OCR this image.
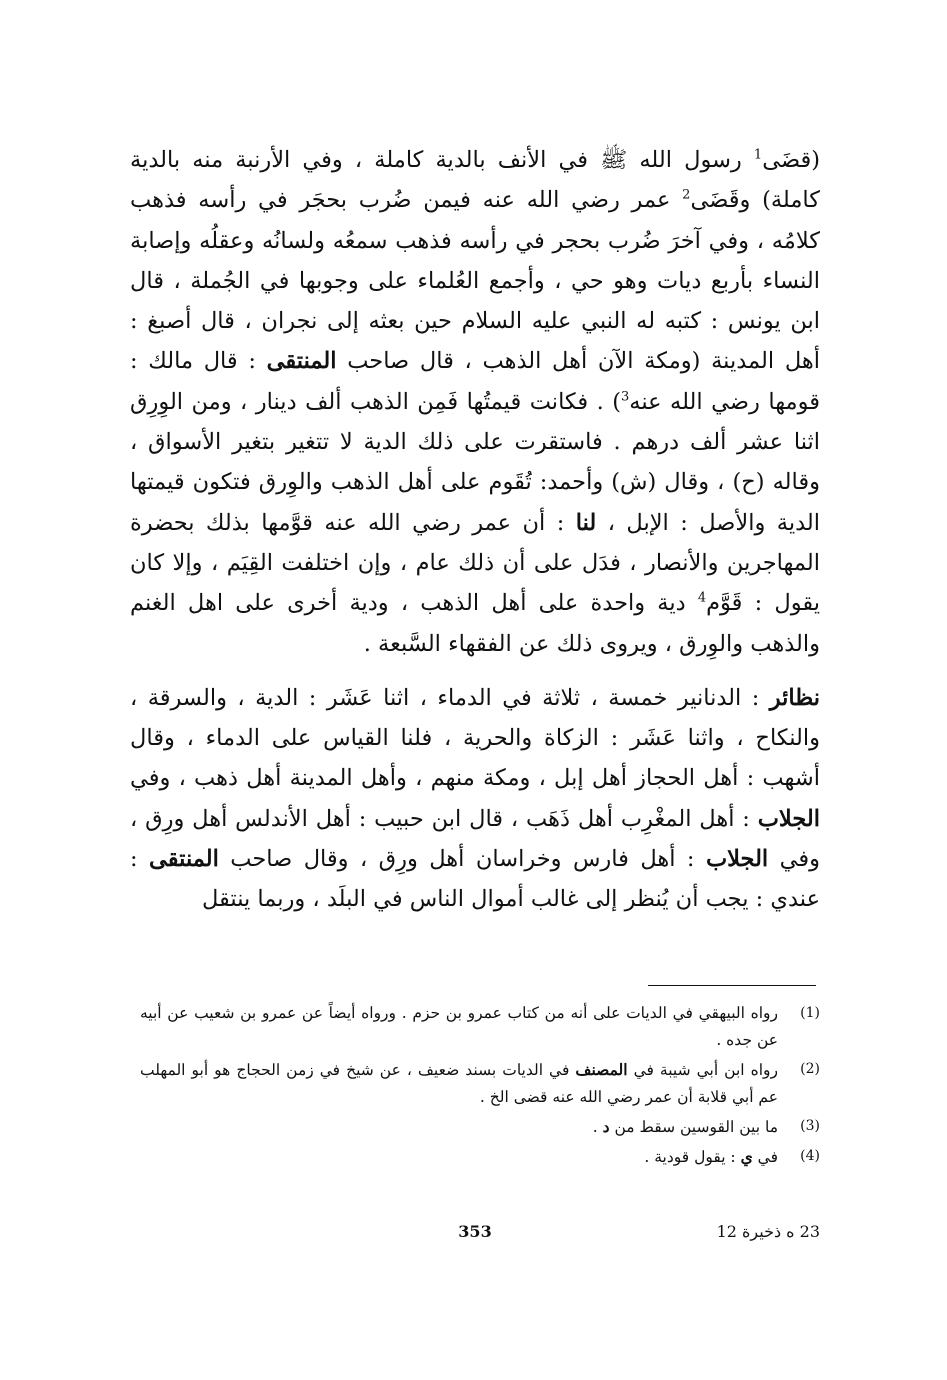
(قضَى$^1$ رسول الله ﷺ في الأنف بالدية كاملة ، وفي الأرنبة منه بالدية كاملة) وقَضَى$^2$ عمر رضي الله عنه فيمن ضُرب بحجَر في رأسه فذهب كلامُه ، وفي آخرَ ضُرب بحجر في رأسه فذهب سمعُه ولسانُه وعقلُه وإصابة النساء بأربع ديات وهو حي ، وأجمع العُلماء على وجوبها في الجُملة ، قال ابن يونس : كتبه له النبي عليه السلام حين بعثه إلى نجران ، قال أصبغ : أهل المدينة (ومكة الآن أهل الذهب ، قال صاحب المنتقى : قال مالك : قومها رضي الله عنه$^3$) . فكانت قيمتُها فَمِن الذهب ألف دينار ، ومن الوِرِق اثنا عشر ألف درهم . فاستقرت على ذلك الدية لا تتغير بتغير الأسواق ، وقاله (ح) ، وقال (ش) وأحمد: تُقَوم على أهل الذهب والوِرق فتكون قيمتها الدية والأصل : الإبل ، لنا : أن عمر رضي الله عنه قوَّمها بذلك بحضرة المهاجرين والأنصار ، فدَل على أن ذلك عام ، وإن اختلفت القِيَم ، وإلا كان يقول : قَوَّم$^4$ دية واحدة على أهل الذهب ، ودية أخرى على اهل الغنم والذهب والوِرق ، ويروى ذلك عن الفقهاء السَّبعة .

نظائر : الدنانير خمسة ، ثلاثة في الدماء ، اثنا عَشَر : الدية ، والسرقة ، والنكاح ، واثنا عَشَر : الزكاة والحرية ، فلنا القياس على الدماء ، وقال أشهب : أهل الحجاز أهل إبل ، ومكة منهم ، وأهل المدينة أهل ذهب ، وفي الجلاب : أهل المغْرِب أهل ذَهَب ، قال ابن حبيب : أهل الأندلس أهل ورِق ، وفي الجلاب : أهل فارس وخراسان أهل ورِق ، وقال صاحب المنتقى : عندي : يجب أن يُنظر إلى غالب أموال الناس في البلَد ، وربما ينتقل

(1)
رواه البيهقي في الديات على أنه من كتاب عمرو بن حزم . ورواه أيضاً عن عمرو بن شعيب عن أبيه عن جده .
(2)
رواه ابن أبي شيبة في المصنف في الديات بسند ضعيف ، عن شيخ في زمن الحجاج هو أبو المهلب عم أبي قلابة أن عمر رضي الله عنه قضى الخ .
(3)
ما بين القوسين سقط من د .
(4)
في ي : يقول قودية .
353	23 ه ذخيرة 12
